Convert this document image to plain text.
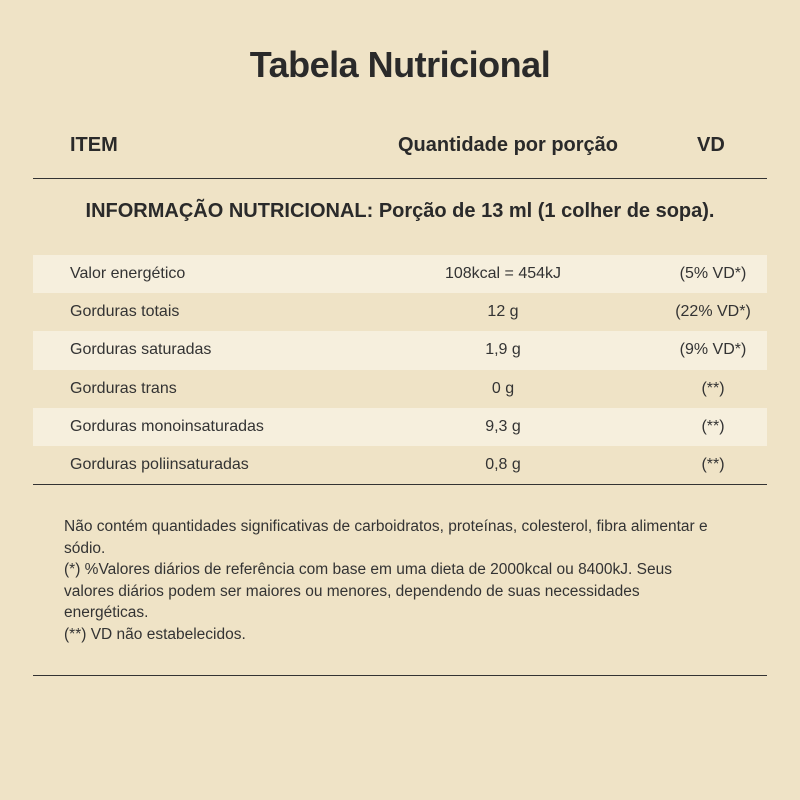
Tabela Nutricional
ITEM	Quantidade por porção	VD
INFORMAÇÃO NUTRICIONAL: Porção de 13 ml (1 colher de sopa).
Valor energético	108kcal = 454kJ	(5% VD*)
Gorduras totais	12 g	(22% VD*)
Gorduras saturadas	1,9 g	(9% VD*)
Gorduras trans	0 g	(**)
Gorduras monoinsaturadas	9,3 g	(**)
Gorduras poliinsaturadas	0,8 g	(**)

Não contém quantidades significativas de carboidratos, proteínas, colesterol, fibra alimentar e sódio.

(*) %Valores diários de referência com base em uma dieta de 2000kcal ou 8400kJ. Seus valores diários podem ser maiores ou menores, dependendo de suas necessidades energéticas.

(**) VD não estabelecidos.
